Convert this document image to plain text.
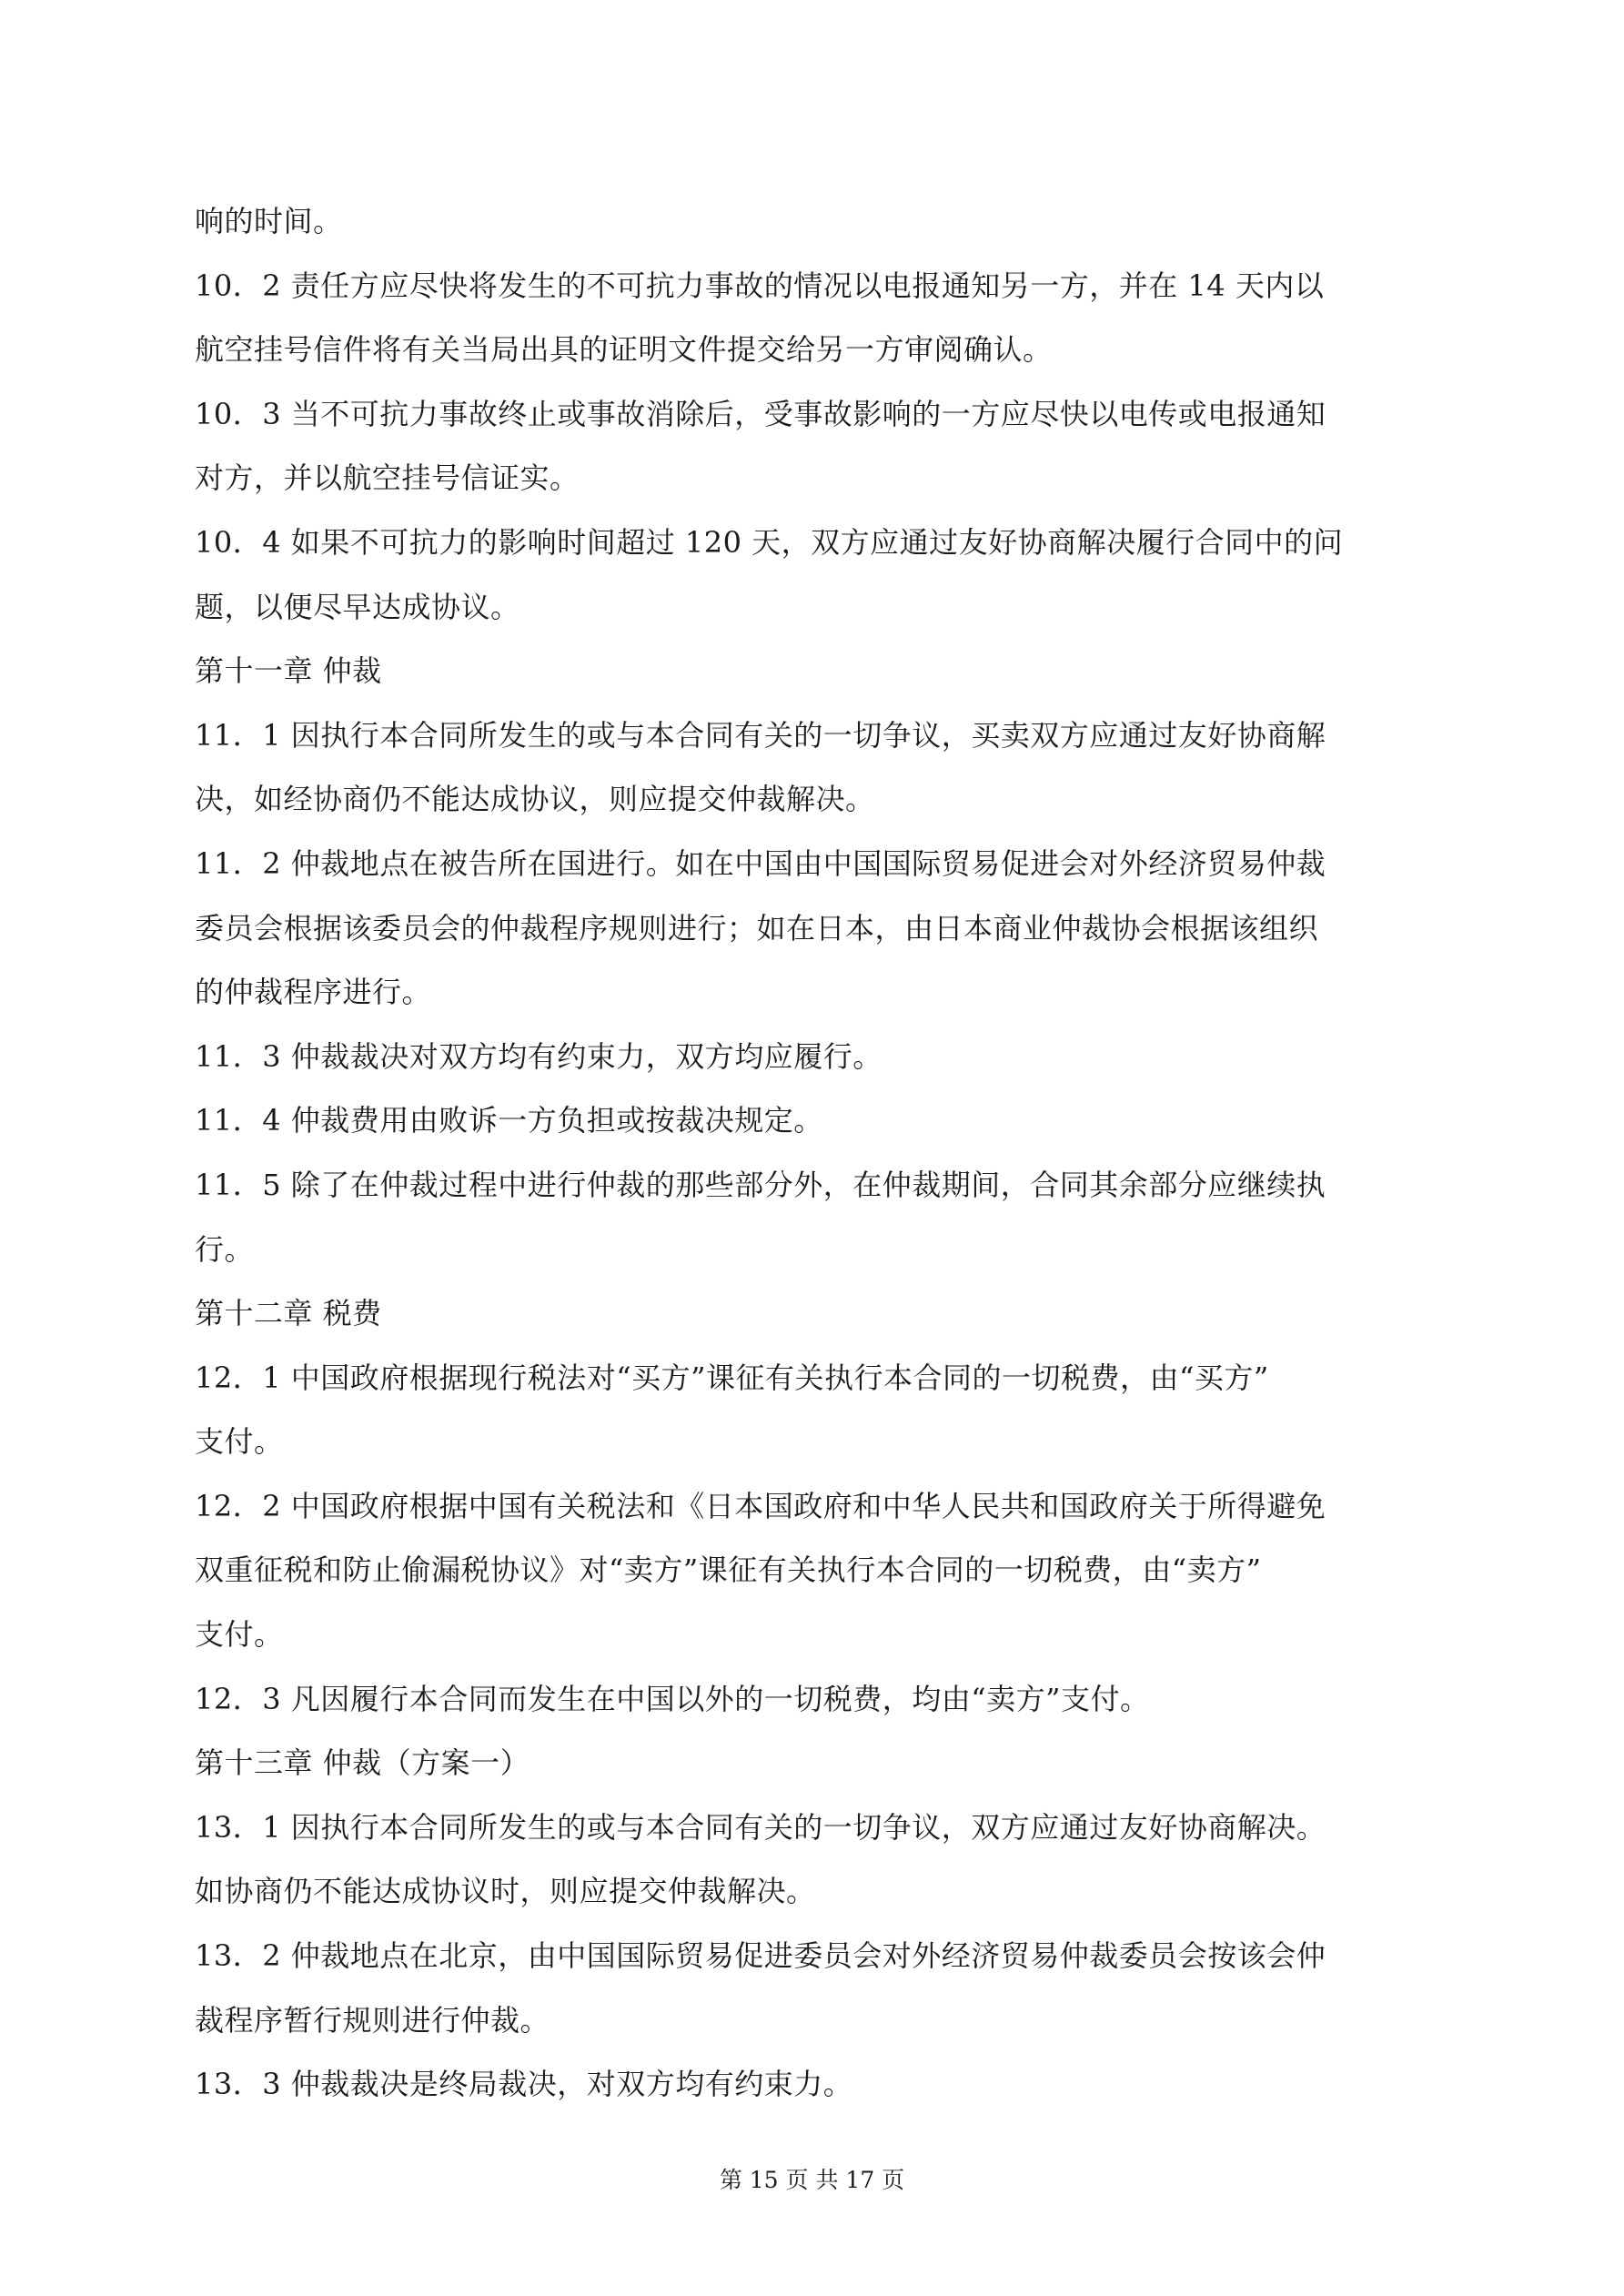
响的时间。
10．2 责任方应尽快将发生的不可抗力事故的情况以电报通知另一方，并在 14 天内以
航空挂号信件将有关当局出具的证明文件提交给另一方审阅确认。
10．3 当不可抗力事故终止或事故消除后，受事故影响的一方应尽快以电传或电报通知
对方，并以航空挂号信证实。
10．4 如果不可抗力的影响时间超过 120 天，双方应通过友好协商解决履行合同中的问
题，以便尽早达成协议。
第十一章 仲裁
11．1 因执行本合同所发生的或与本合同有关的一切争议，买卖双方应通过友好协商解
决，如经协商仍不能达成协议，则应提交仲裁解决。
11．2 仲裁地点在被告所在国进行。如在中国由中国国际贸易促进会对外经济贸易仲裁
委员会根据该委员会的仲裁程序规则进行；如在日本，由日本商业仲裁协会根据该组织
的仲裁程序进行。
11．3 仲裁裁决对双方均有约束力，双方均应履行。
11．4 仲裁费用由败诉一方负担或按裁决规定。
11．5 除了在仲裁过程中进行仲裁的那些部分外，在仲裁期间，合同其余部分应继续执
行。
第十二章 税费
12．1 中国政府根据现行税法对“买方”课征有关执行本合同的一切税费，由“买方”
支付。
12．2 中国政府根据中国有关税法和《日本国政府和中华人民共和国政府关于所得避免
双重征税和防止偷漏税协议》对“卖方”课征有关执行本合同的一切税费，由“卖方”
支付。
12．3 凡因履行本合同而发生在中国以外的一切税费，均由“卖方”支付。
第十三章 仲裁（方案一）
13．1 因执行本合同所发生的或与本合同有关的一切争议，双方应通过友好协商解决。
如协商仍不能达成协议时，则应提交仲裁解决。
13．2 仲裁地点在北京，由中国国际贸易促进委员会对外经济贸易仲裁委员会按该会仲
裁程序暂行规则进行仲裁。
13．3 仲裁裁决是终局裁决，对双方均有约束力。
第 15 页 共 17 页
